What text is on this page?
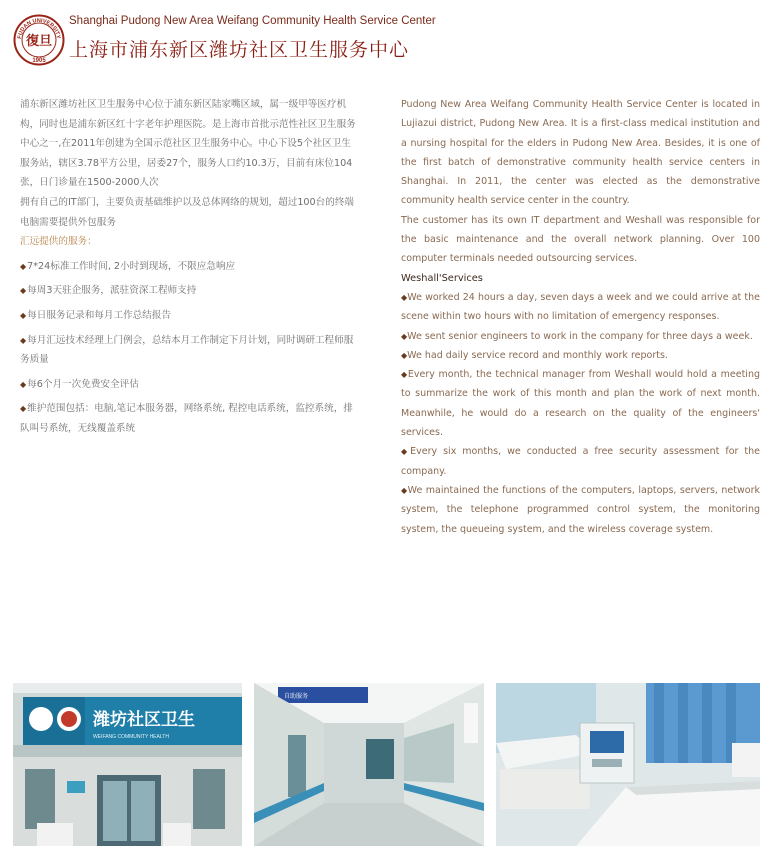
FUDAN UNIVERSITY
復旦
1905
Shanghai Pudong New Area Weifang Community Health Service Center
上海市浦东新区潍坊社区卫生服务中心

浦东新区潍坊社区卫生服务中心位于浦东新区陆家嘴区域，属一级甲等医疗机构，同时也是浦东新区红十字老年护理医院。是上海市首批示范性社区卫生服务中心之一,在2011年创建为全国示范社区卫生服务中心。中心下设5个社区卫生服务站，辖区3.78平方公里，居委27个，服务人口约10.3万，目前有床位104张，日门诊量在1500-2000人次

拥有自己的IT部门，主要负责基础维护以及总体网络的规划，超过100台的终端电脑需要提供外包服务

汇远提供的服务：

◆7*24标准工作时间, 2小时到现场，不限应急响应

◆每周3天驻企服务，派驻资深工程师支持

◆每日服务记录和每月工作总结报告

◆每月汇远技术经理上门例会，总结本月工作制定下月计划，同时调研工程师服务质量

◆每6个月一次免费安全评估

◆维护范围包括：电脑,笔记本服务器，网络系统, 程控电话系统，监控系统，排队叫号系统，无线覆盖系统

Pudong New Area Weifang Community Health Service Center is located in Lujiazui district, Pudong New Area. It is a first-class medical institution and a nursing hospital for the elders in Pudong New Area. Besides, it is one of the first batch of demonstrative community health service centers in Shanghai. In 2011, the center was elected as the demonstrative community health service center in the country.

The customer has its own IT department and Weshall was responsible for the basic maintenance and the overall network planning. Over 100 computer terminals needed outsourcing services.

Weshall'Services

◆We worked 24 hours a day, seven days a week and we could arrive at the scene within two hours with no limitation of emergency responses.

◆We sent senior engineers to work in the company for three days a week.

◆We had daily service record and monthly work reports.

◆Every month, the technical manager from Weshall would hold a meeting to summarize the work of this month and plan the work of next month. Meanwhile, he would do a research on the quality of the engineers' services.

◆Every six months, we conducted a free security assessment for the company.

◆We maintained the functions of the computers, laptops, servers, network system, the telephone programmed control system, the monitoring system, the queueing system, and the wireless coverage system.

潍坊社区卫生
WEIFANG COMMUNITY HEALTH
自助服务
